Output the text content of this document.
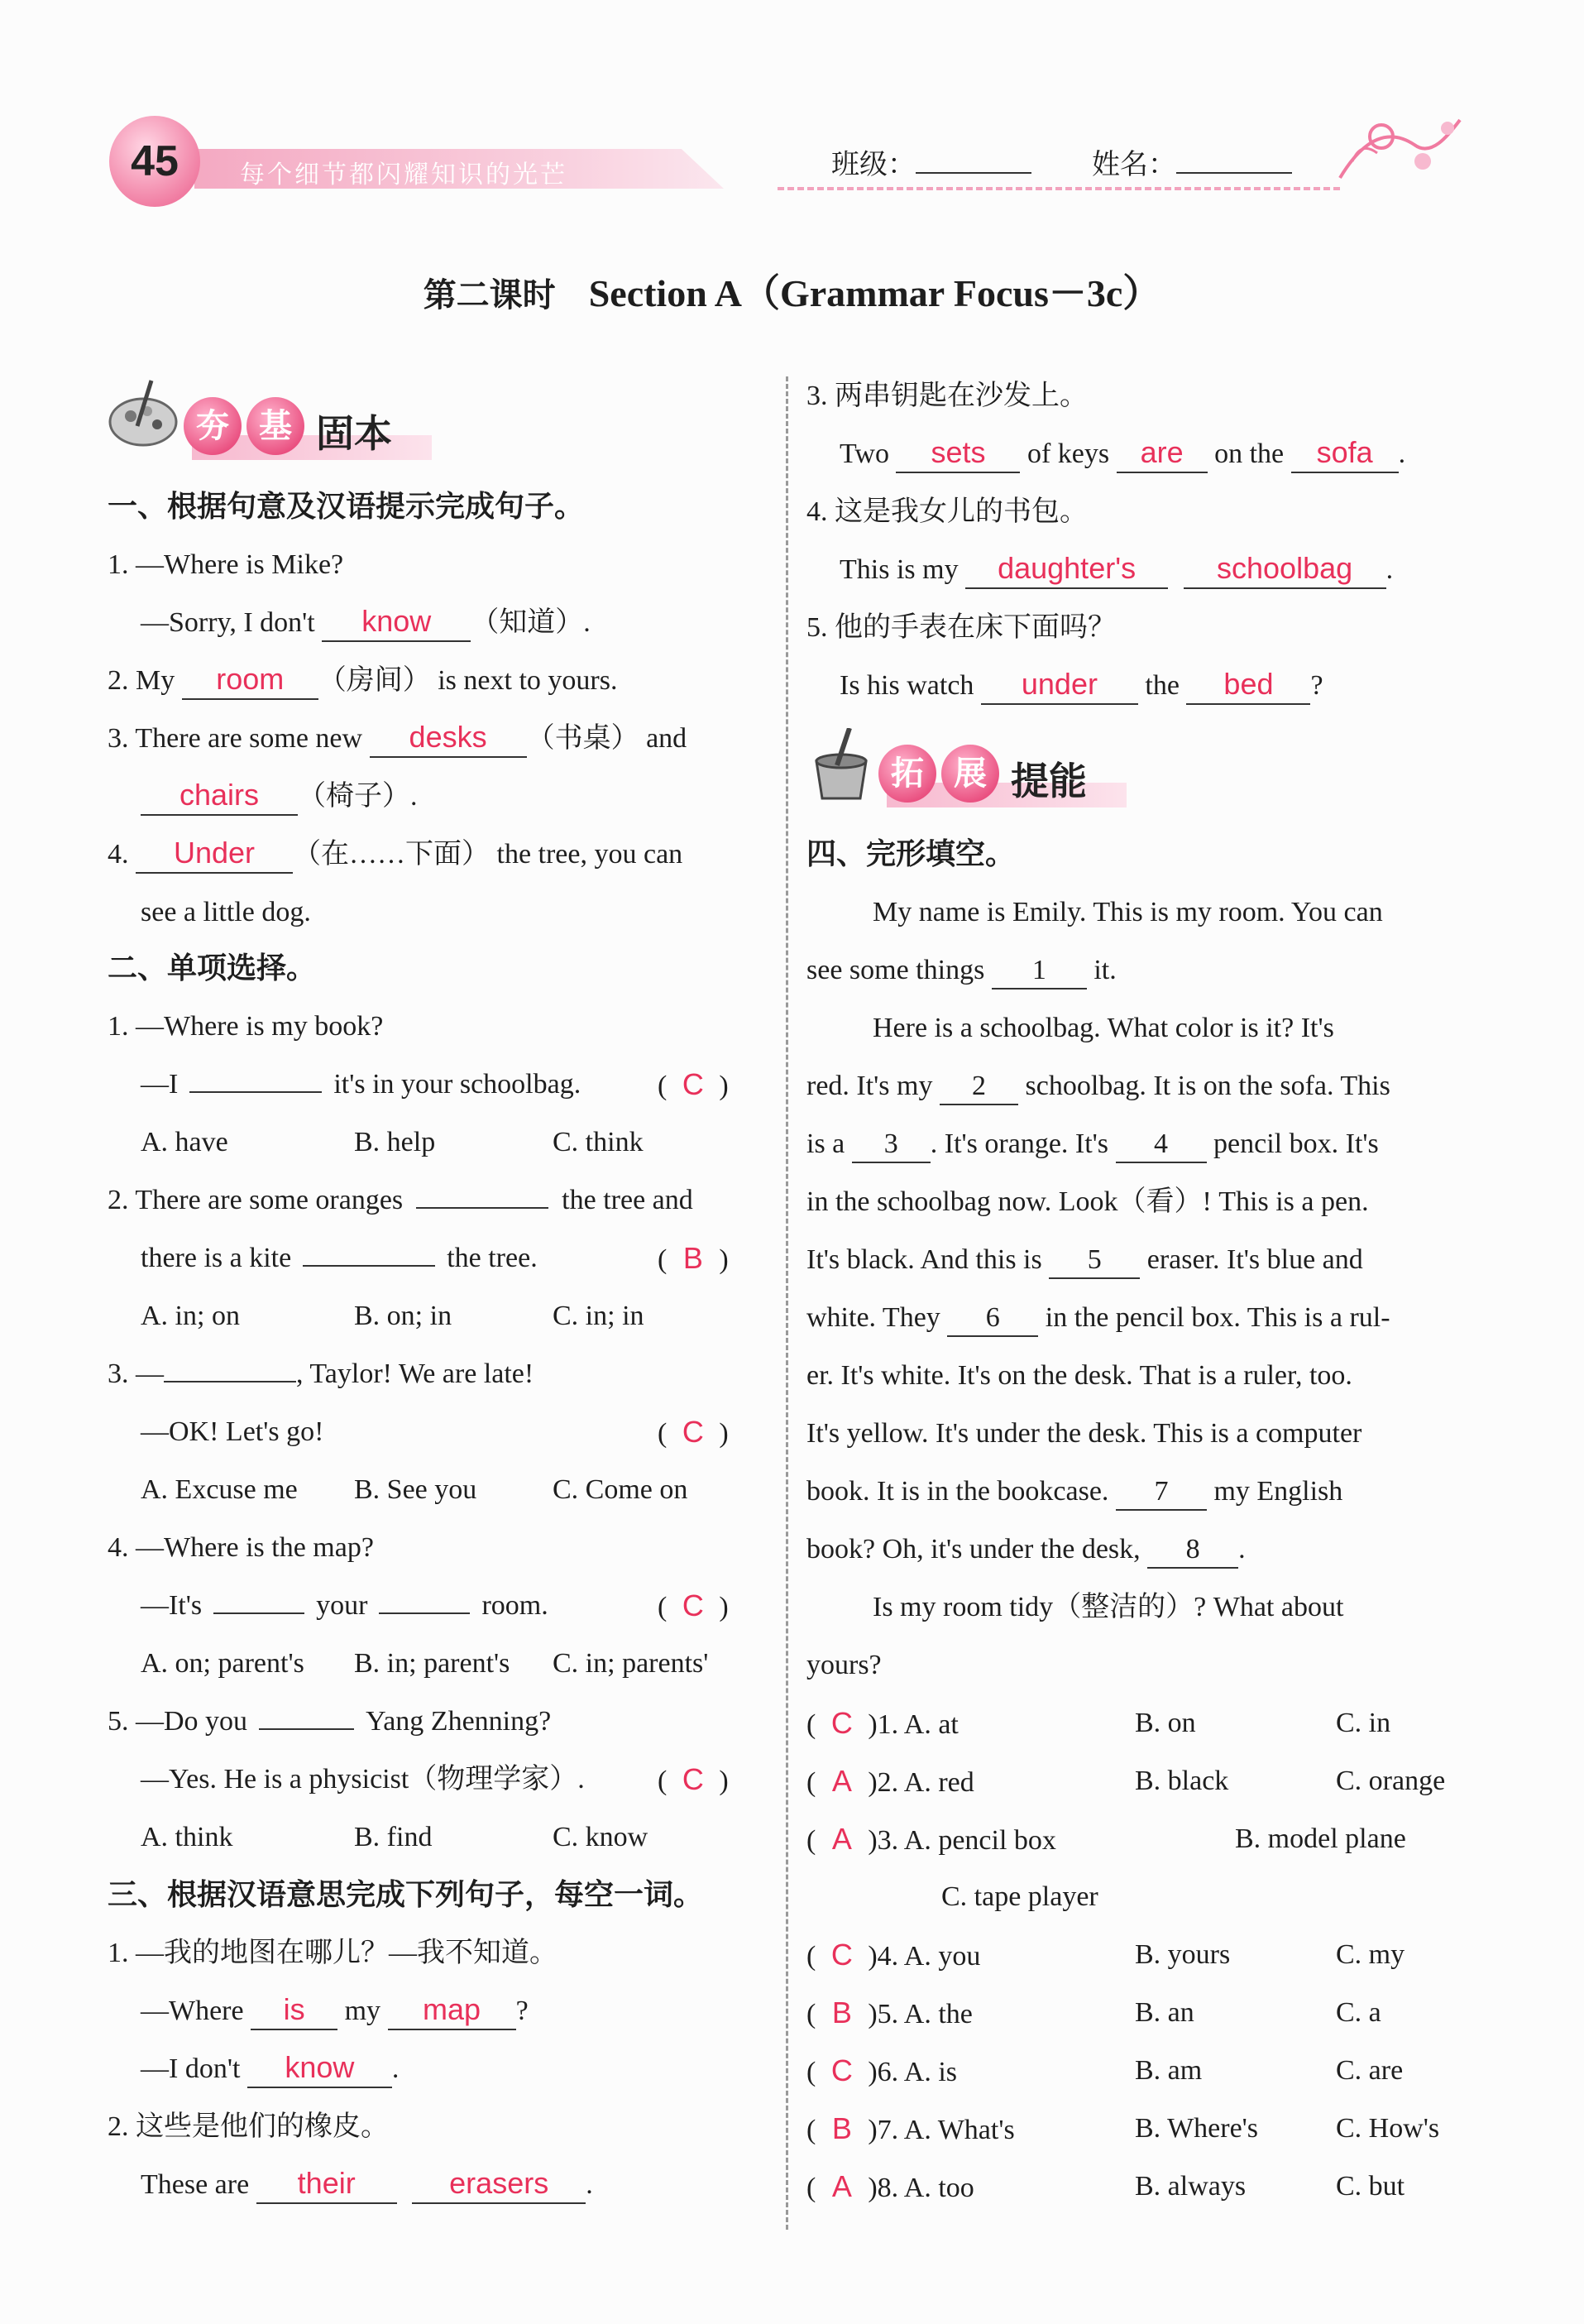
每个细节都闪耀知识的光芒
45	班级：	姓名：
第二课时 Section A（Grammar Focus－3c）
夯 基 固本
一、根据句意及汉语提示完成句子。
1. —Where is Mike?
—Sorry, I don't know （知道）.
2. My room （房间） is next to yours.
3. There are some new desks （书桌） and
chairs （椅子）.
4. Under （在……下面） the tree, you can
see a little dog.
二、单项选择。
1. —Where is my book?
—I	it's in your schoolbag.	( C )
A. have	B. help	C. think
2. There are some oranges	the tree and
there is a kite	the tree.	( B )
A. in; on	B. on; in	C. in; in
3. —	, Taylor! We are late!
—OK! Let's go!	( C )
A. Excuse me B. See you	C. Come on
4. —Where is the map?
—It's	your	room.	( C )
A. on; parent's B. in; parent's C. in; parents'
5. —Do you	Yang Zhenning?
—Yes. He is a physicist（物理学家）.	( C )
A. think	B. find	C. know
三、根据汉语意思完成下列句子，每空一词。
1. —我的地图在哪儿？—我不知道。
—Where is my map ?
—I don't know .
2. 这些是他们的橡皮。
These are their	erasers .
3. 两串钥匙在沙发上。
Two sets of keys are on the sofa .
4. 这是我女儿的书包。
This is my daughter's	schoolbag .
5. 他的手表在床下面吗？
Is his watch under the bed ?
拓 展 提能
四、完形填空。
My name is Emily. This is my room. You can
see some things 1 it.
Here is a schoolbag. What color is it? It's
red. It's my 2 schoolbag. It is on the sofa. This
is a 3 . It's orange. It's 4 pencil box. It's
in the schoolbag now. Look（看）! This is a pen.
It's black. And this is 5 eraser. It's blue and
white. They 6 in the pencil box. This is a rul-
er. It's white. It's on the desk. That is a ruler, too.
It's yellow. It's under the desk. This is a computer
book. It is in the bookcase. 7 my English
book? Oh, it's under the desk, 8 .
Is my room tidy（整洁的）? What about
yours?
( C )1. A. at	B. on	C. in
( A )2. A. red	B. black	C. orange
( A )3. A. pencil box	B. model plane
C. tape player
( C )4. A. you	B. yours	C. my
( B )5. A. the	B. an	C. a
( C )6. A. is	B. am	C. are
( B )7. A. What's	B. Where's	C. How's
( A )8. A. too	B. always	C. but
